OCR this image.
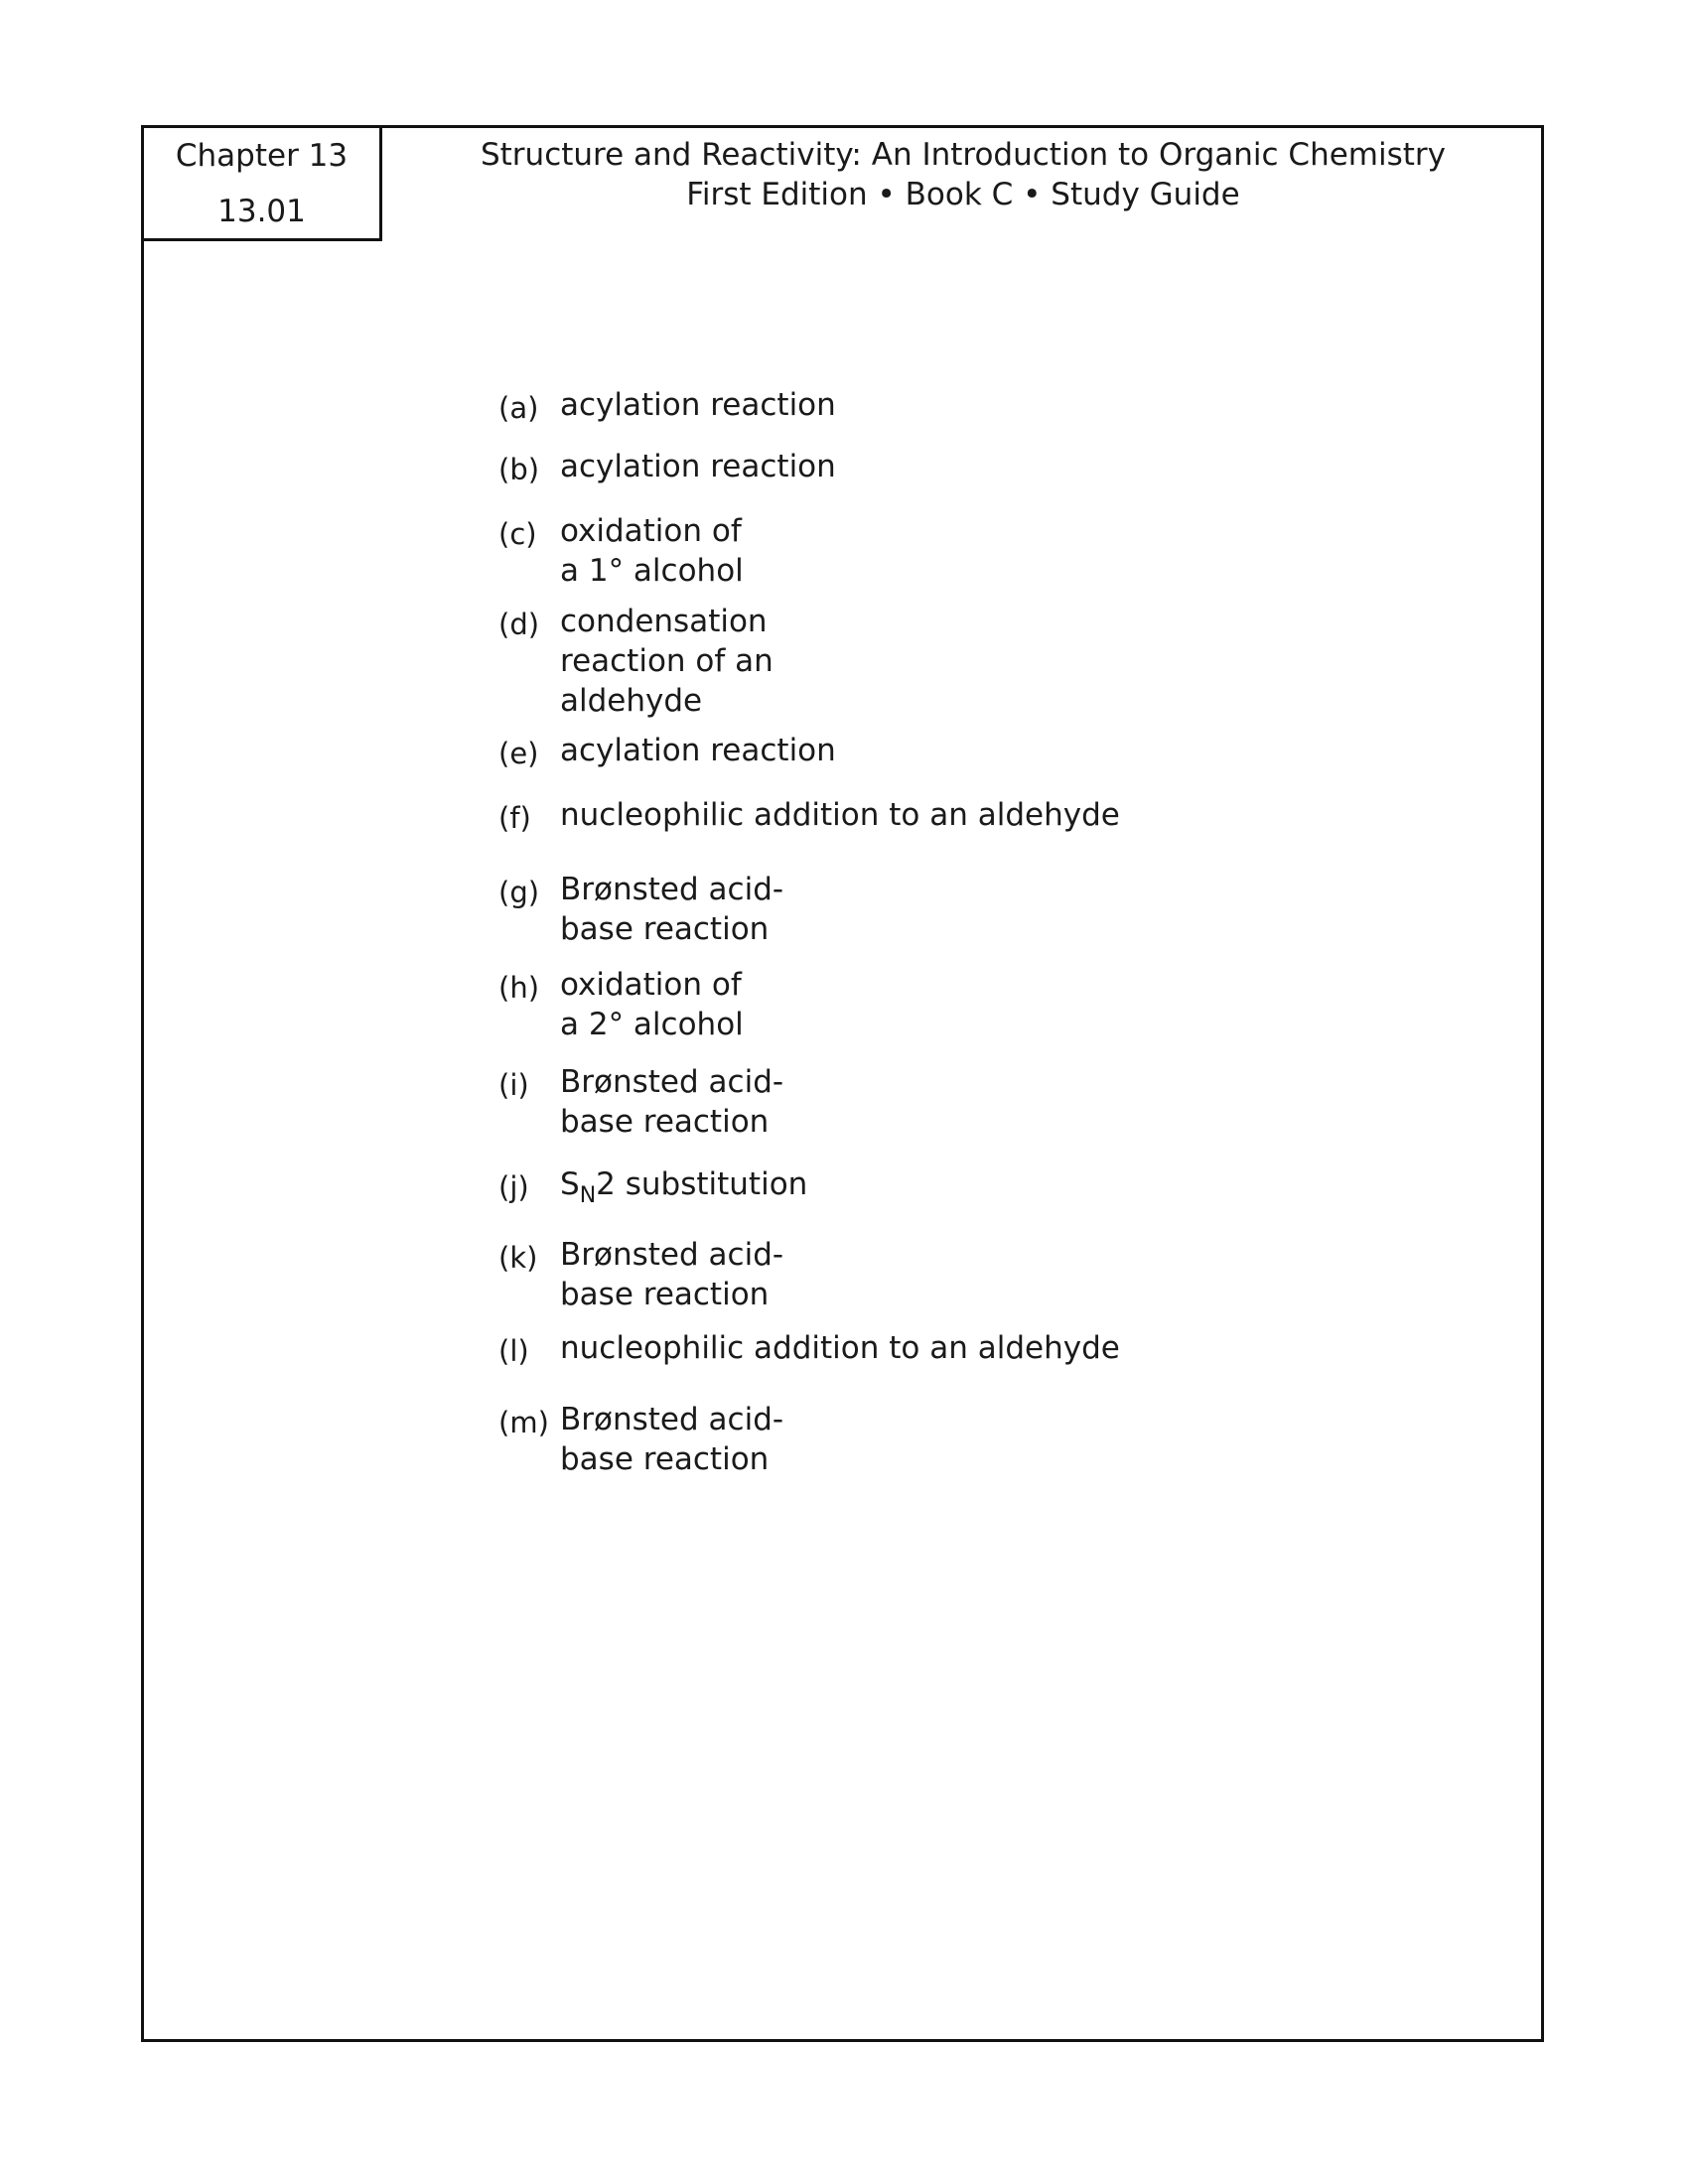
Chapter 13
13.01
Structure and Reactivity: An Introduction to Organic Chemistry
First Edition • Book C • Study Guide
(a) acylation reaction
(b) acylation reaction
(c) oxidation of
a 1° alcohol
(d) condensation
reaction of an
aldehyde
(e) acylation reaction
(f) nucleophilic addition to an aldehyde
(g) Brønsted acid-
base reaction
(h) oxidation of
a 2° alcohol
(i) Brønsted acid-
base reaction
(j) $S_N2$ substitution
(k) Brønsted acid-
base reaction
(l) nucleophilic addition to an aldehyde
(m) Brønsted acid-
base reaction
